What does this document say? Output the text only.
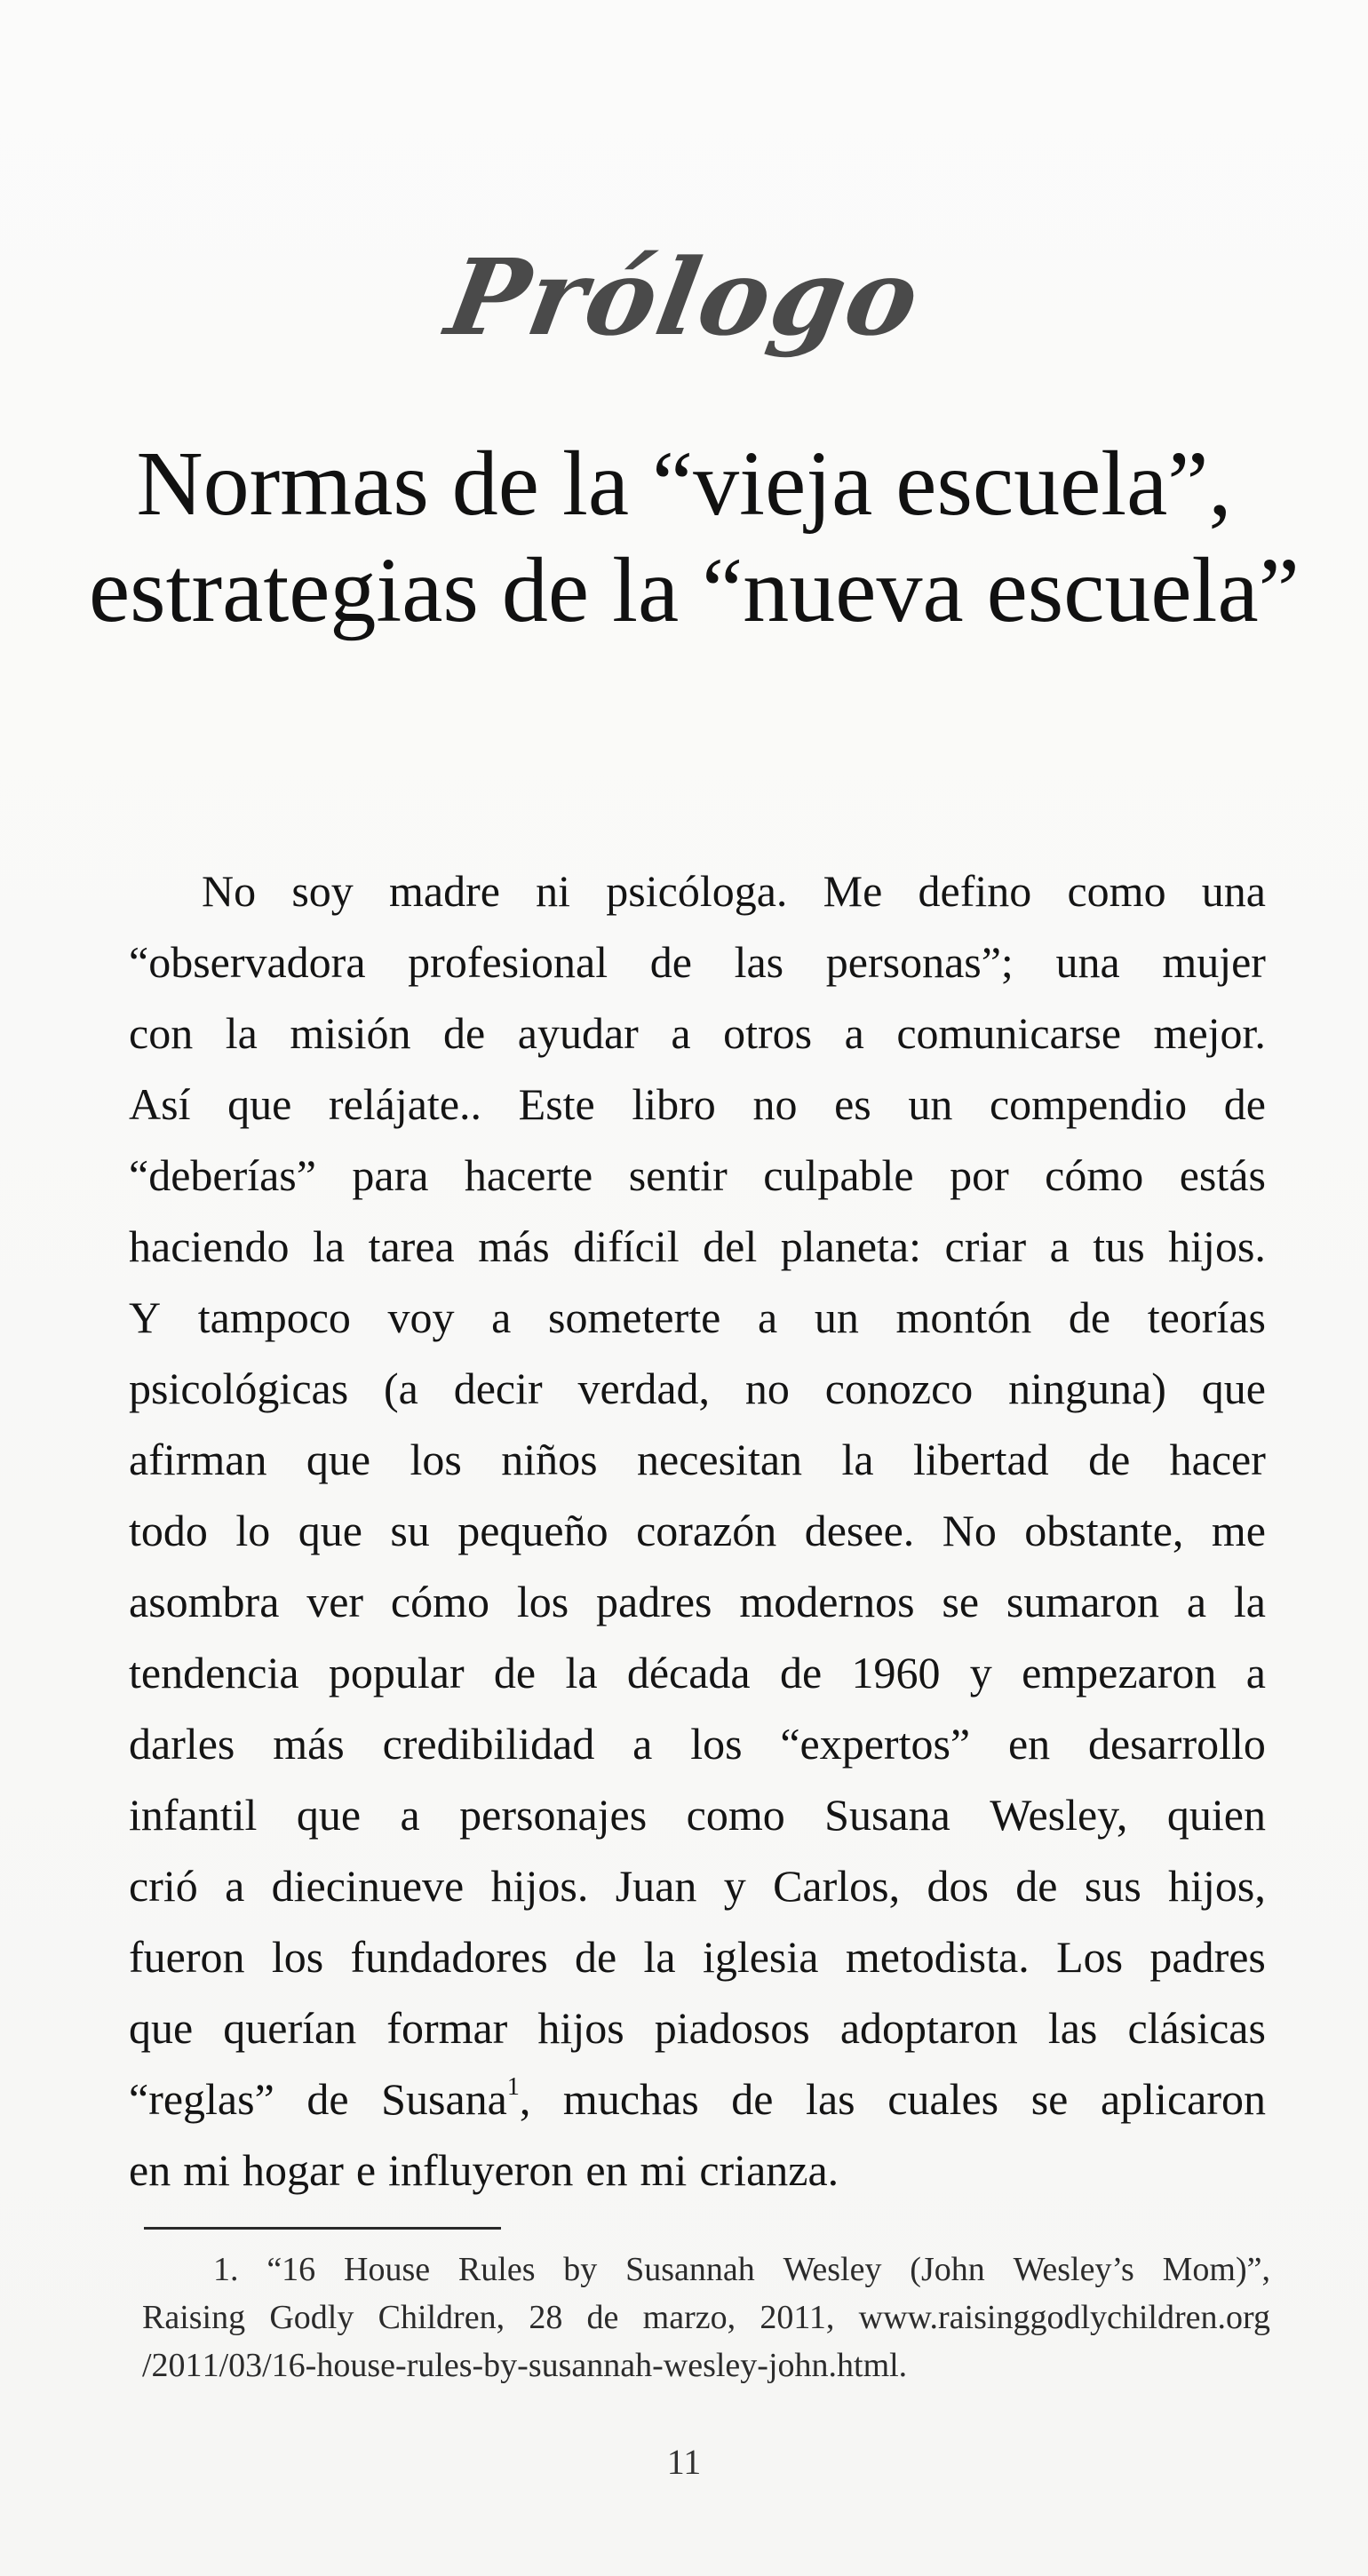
Prólogo
Normas de la “vieja escuela”,
estrategias de la “nueva escuela”
No soy madre ni psicóloga. Me defino como una
“observadora profesional de las personas”; una mujer
con la misión de ayudar a otros a comunicarse mejor.
Así que relájate.. Este libro no es un compendio de
“deberías” para hacerte sentir culpable por cómo estás
haciendo la tarea más difícil del planeta: criar a tus hijos.
Y tampoco voy a someterte a un montón de teorías
psicológicas (a decir verdad, no conozco ninguna) que
afirman que los niños necesitan la libertad de hacer
todo lo que su pequeño corazón desee. No obstante, me
asombra ver cómo los padres modernos se sumaron a la
tendencia popular de la década de 1960 y empezaron a
darles más credibilidad a los “expertos” en desarrollo
infantil que a personajes como Susana Wesley, quien
crió a diecinueve hijos. Juan y Carlos, dos de sus hijos,
fueron los fundadores de la iglesia metodista. Los padres
que querían formar hijos piadosos adoptaron las clásicas
“reglas” de Susana$^1$, muchas de las cuales se aplicaron
en mi hogar e influyeron en mi crianza.
1. “16 House Rules by Susannah Wesley (John Wesley’s Mom)”,
Raising Godly Children, 28 de marzo, 2011, www.raisinggodlychildren.org
/201 1/03/16-house-rules-by-susannah-wesley-john.html.
11
